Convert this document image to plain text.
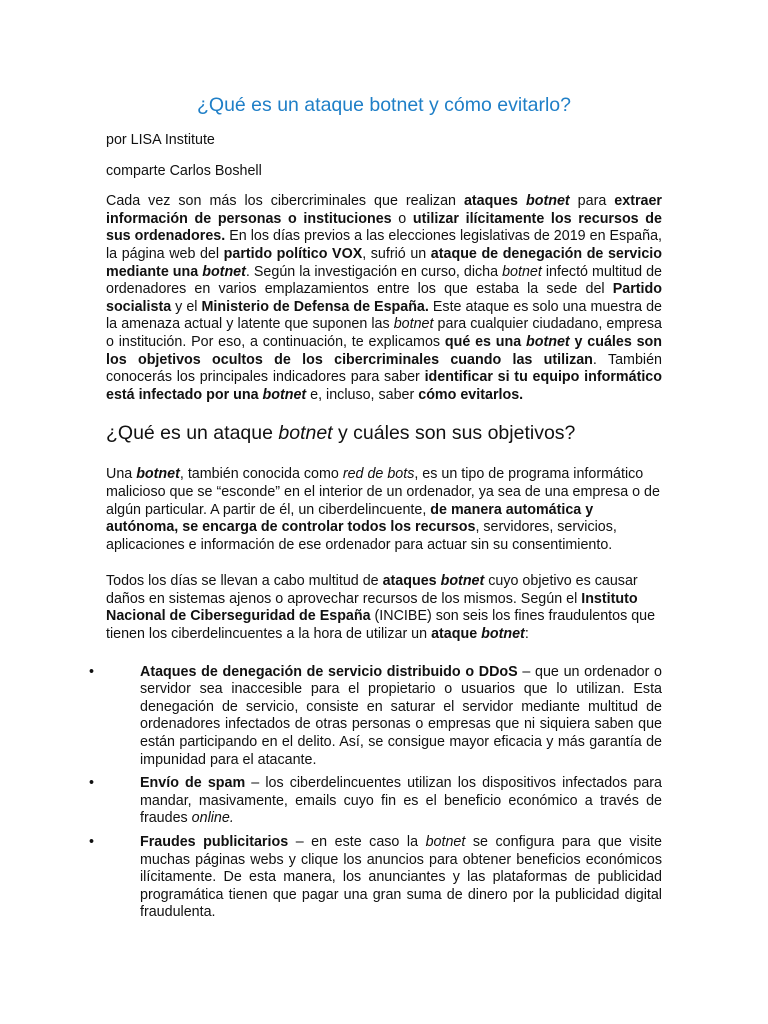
¿Qué es un ataque botnet y cómo evitarlo?

por LISA Institute

comparte Carlos Boshell

Cada vez son más los cibercriminales que realizan ataques botnet para extraer información de personas o instituciones o utilizar ilícitamente los recursos de sus ordenadores. En los días previos a las elecciones legislativas de 2019 en España, la página web del partido político VOX, sufrió un ataque de denegación de servicio mediante una botnet. Según la investigación en curso, dicha botnet infectó multitud de ordenadores en varios emplazamientos entre los que estaba la sede del Partido socialista y el Ministerio de Defensa de España. Este ataque es solo una muestra de la amenaza actual y latente que suponen las botnet para cualquier ciudadano, empresa o institución. Por eso, a continuación, te explicamos qué es una botnet y cuáles son los objetivos ocultos de los cibercriminales cuando las utilizan. También conocerás los principales indicadores para saber identificar si tu equipo informático está infectado por una botnet e, incluso, saber cómo evitarlos.

¿Qué es un ataque botnet y cuáles son sus objetivos?

Una botnet, también conocida como red de bots, es un tipo de programa informático malicioso que se “esconde” en el interior de un ordenador, ya sea de una empresa o de algún particular. A partir de él, un ciberdelincuente, de manera automática y autónoma, se encarga de controlar todos los recursos, servidores, servicios, aplicaciones e información de ese ordenador para actuar sin su consentimiento.

Todos los días se llevan a cabo multitud de ataques botnet cuyo objetivo es causar daños en sistemas ajenos o aprovechar recursos de los mismos. Según el Instituto Nacional de Ciberseguridad de España (INCIBE) son seis los fines fraudulentos que tienen los ciberdelincuentes a la hora de utilizar un ataque botnet:

•	Ataques de denegación de servicio distribuido o DDoS – que un ordenador o servidor sea inaccesible para el propietario o usuarios que lo utilizan. Esta denegación de servicio, consiste en saturar el servidor mediante multitud de ordenadores infectados de otras personas o empresas que ni siquiera saben que están participando en el delito. Así, se consigue mayor eficacia y más garantía de impunidad para el atacante.
•	Envío de spam – los ciberdelincuentes utilizan los dispositivos infectados para mandar, masivamente, emails cuyo fin es el beneficio económico a través de fraudes online.
•	Fraudes publicitarios – en este caso la botnet se configura para que visite muchas páginas webs y clique los anuncios para obtener beneficios económicos ilícitamente. De esta manera, los anunciantes y las plataformas de publicidad programática tienen que pagar una gran suma de dinero por la publicidad digital fraudulenta.
